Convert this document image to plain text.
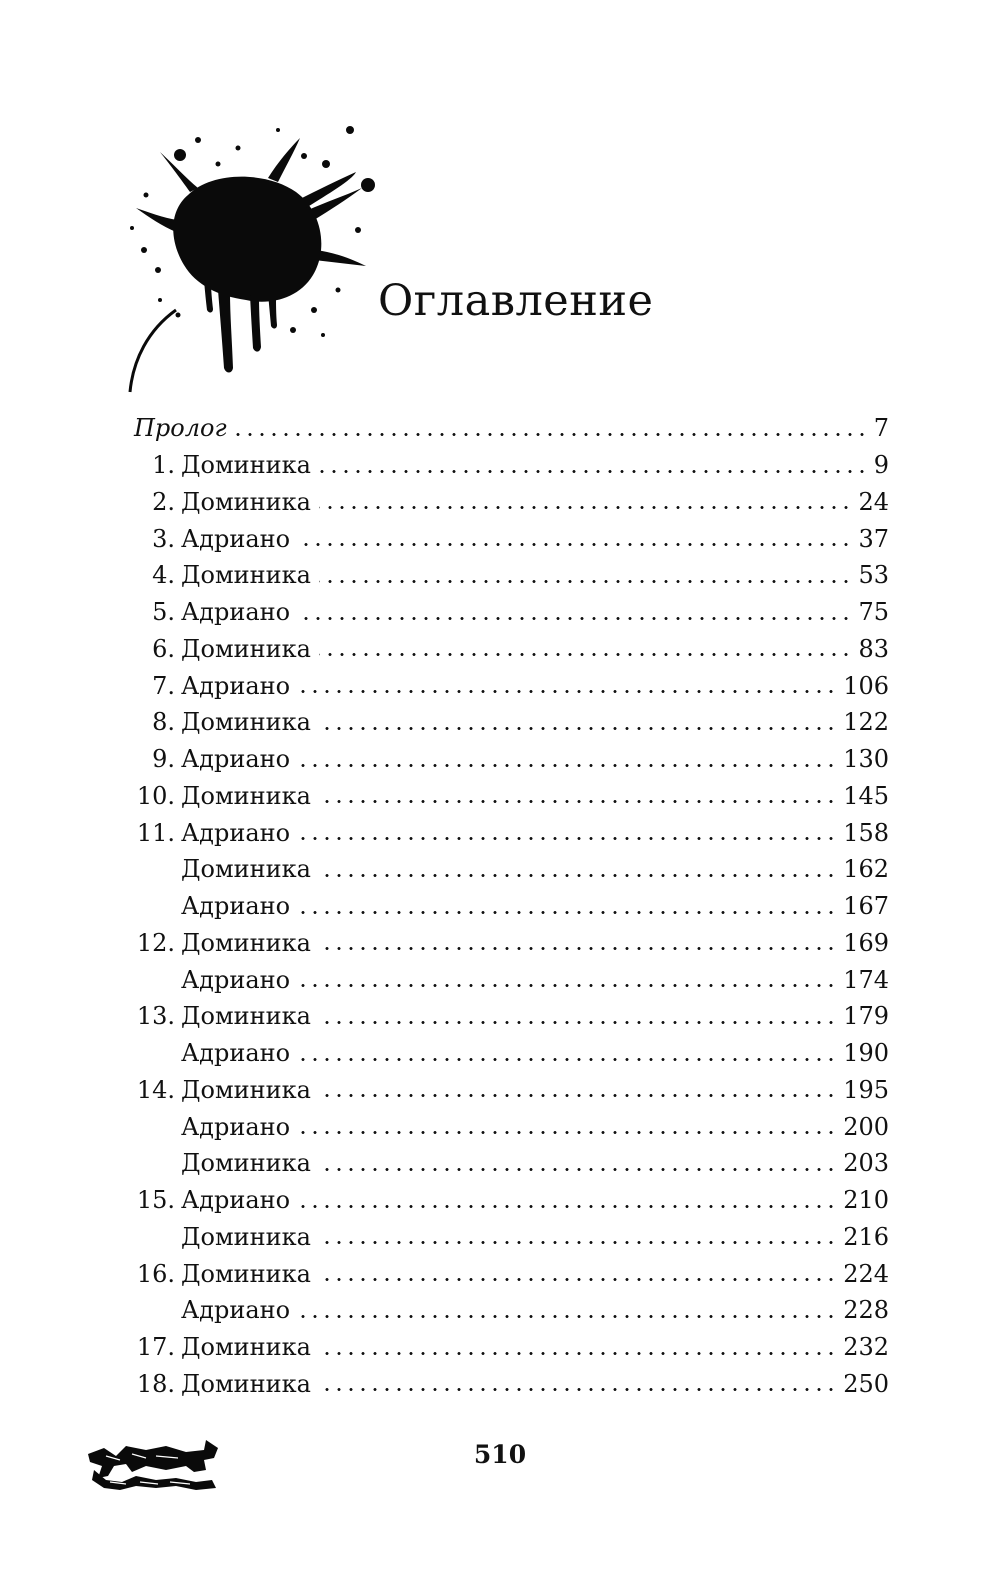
Оглавление
Пролог	7
1. Доминика	9
2. Доминика	24
3. Адриано	37
4. Доминика	53
5. Адриано	75
6. Доминика	83
7. Адриано	106
8. Доминика	122
9. Адриано	130
10. Доминика	145
11. Адриано	158
Доминика	162
Адриано	167
12. Доминика	169
Адриано	174
13. Доминика	179
Адриано	190
14. Доминика	195
Адриано	200
Доминика	203
15. Адриано	210
Доминика	216
16. Доминика	224
Адриано	228
17. Доминика	232
18. Доминика	250
510
